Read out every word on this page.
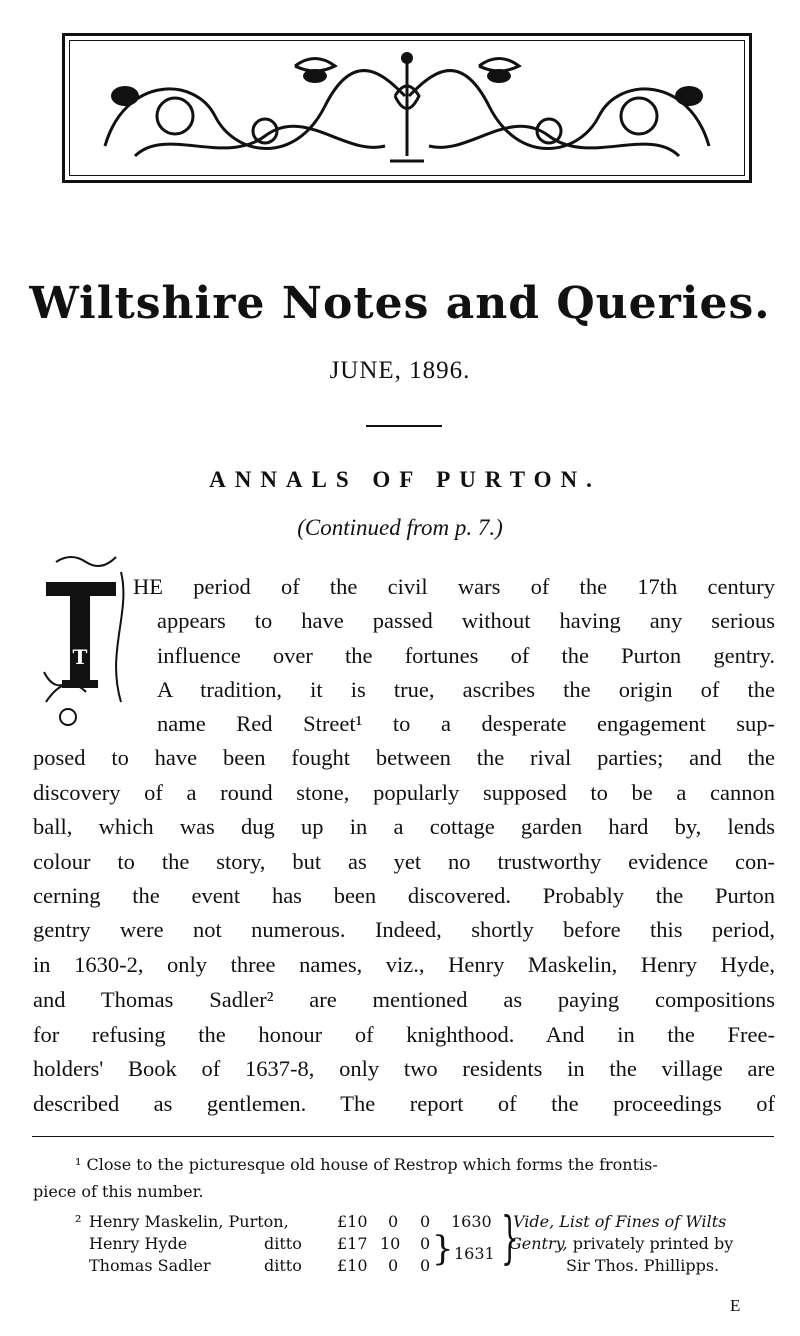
Wiltshire Notes and Queries.
JUNE, 1896.
ANNALS OF PURTON.
(Continued from p. 7.)
T
HE period of the civil wars of the 17th century
appears to have passed without having any serious
influence over the fortunes of the Purton gentry.
A tradition, it is true, ascribes the origin of the
name Red Street¹ to a desperate engagement sup-
posed to have been fought between the rival parties; and the
discovery of a round stone, popularly supposed to be a cannon
ball, which was dug up in a cottage garden hard by, lends
colour to the story, but as yet no trustworthy evidence con-
cerning the event has been discovered. Probably the Purton
gentry were not numerous. Indeed, shortly before this period,
in 1630-2, only three names, viz., Henry Maskelin, Henry Hyde,
and Thomas Sadler² are mentioned as paying compositions
for refusing the honour of knighthood. And in the Free-
holders' Book of 1637-8, only two residents in the village are
described as gentlemen. The report of the proceedings of
¹ Close to the picturesque old house of Restrop which forms the frontis-
piece of this number.
² Henry Maskelin, Purton,
Henry Hyde
Thomas Sadler
ditto
ditto
£10
£17
£10
0
10
0
0
0
0
1630
} 1631 }
Vide, List of Fines of Wilts
Gentry, privately printed by
Sir Thos. Phillipps.
E
